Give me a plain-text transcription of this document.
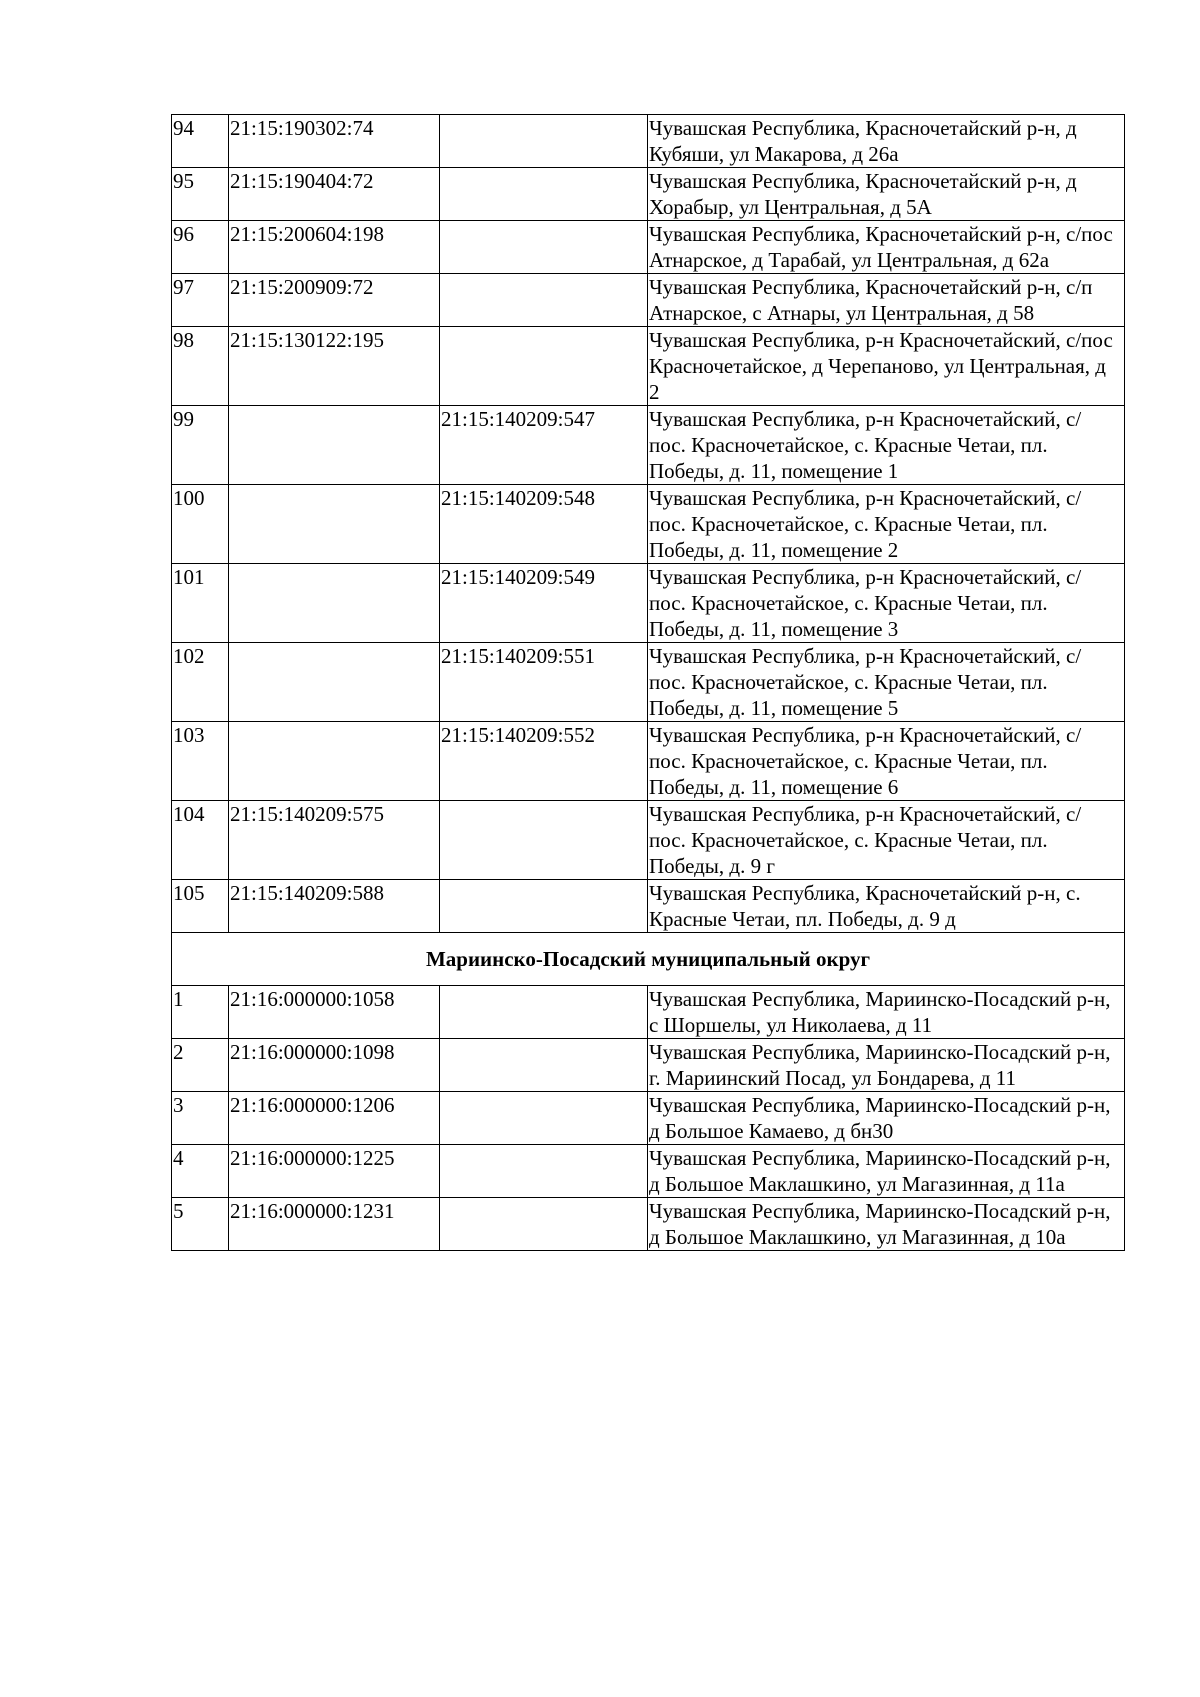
94	21:15:190302:74		Чувашская Республика, Красночетайский р-н, д Кубяши, ул Макарова, д 26а
95	21:15:190404:72		Чувашская Республика, Красночетайский р-н, д Хорабыр, ул Центральная, д 5А
96	21:15:200604:198		Чувашская Республика, Красночетайский р-н, с/пос Атнарское, д Тарабай, ул Центральная, д 62а
97	21:15:200909:72		Чувашская Республика, Красночетайский р-н, с/п Атнарское, с Атнары, ул Центральная, д 58
98	21:15:130122:195		Чувашская Республика, р-н Красночетайский, с/пос Красночетайское, д Черепаново, ул Центральная, д 2
99		21:15:140209:547	Чувашская Республика, р-н Красночетайский, с/пос. Красночетайское, с. Красные Четаи, пл. Победы, д. 11, помещение 1
100		21:15:140209:548	Чувашская Республика, р-н Красночетайский, с/пос. Красночетайское, с. Красные Четаи, пл. Победы, д. 11, помещение 2
101		21:15:140209:549	Чувашская Республика, р-н Красночетайский, с/пос. Красночетайское, с. Красные Четаи, пл. Победы, д. 11, помещение 3
102		21:15:140209:551	Чувашская Республика, р-н Красночетайский, с/пос. Красночетайское, с. Красные Четаи, пл. Победы, д. 11, помещение 5
103		21:15:140209:552	Чувашская Республика, р-н Красночетайский, с/пос. Красночетайское, с. Красные Четаи, пл. Победы, д. 11, помещение 6
104	21:15:140209:575		Чувашская Республика, р-н Красночетайский, с/пос. Красночетайское, с. Красные Четаи, пл. Победы, д. 9 г
105	21:15:140209:588		Чувашская Республика, Красночетайский р-н, с. Красные Четаи, пл. Победы, д. 9 д
Мариинско-Посадский муниципальный округ			
1	21:16:000000:1058		Чувашская Республика, Мариинско-Посадский р-н, с Шоршелы, ул Николаева, д 11
2	21:16:000000:1098		Чувашская Республика, Мариинско-Посадский р-н, г. Мариинский Посад, ул Бондарева, д 11
3	21:16:000000:1206		Чувашская Республика, Мариинско-Посадский р-н, д Большое Камаево, д бн30
4	21:16:000000:1225		Чувашская Республика, Мариинско-Посадский р-н, д Большое Маклашкино, ул Магазинная, д 11а
5	21:16:000000:1231		Чувашская Республика, Мариинско-Посадский р-н, д Большое Маклашкино, ул Магазинная, д 10а
